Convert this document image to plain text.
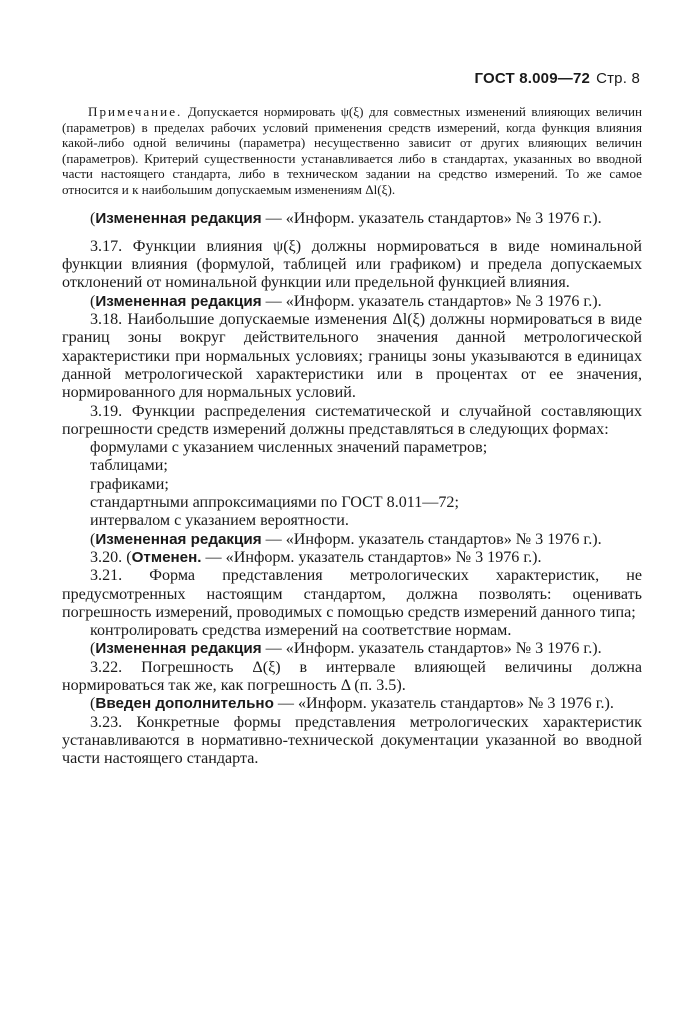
ГОСТ 8.009—72 Стр. 8

Примечание. Допускается нормировать ψ(ξ) для совместных изменений влияющих величин (параметров) в пределах рабочих условий применения средств измерений, когда функция влияния какой-либо одной величины (параметра) несущественно зависит от других влияющих величин (параметров). Критерий существенности устанавливается либо в стандартах, указанных во вводной части настоящего стандарта, либо в техническом задании на средство измерений. То же самое относится и к наибольшим допускаемым изменениям Δl(ξ).

(Измененная редакция — «Информ. указатель стандартов» № 3 1976 г.).

3.17. Функции влияния ψ(ξ) должны нормироваться в виде номинальной функции влияния (формулой, таблицей или графиком) и предела допускаемых отклонений от номинальной функции или предельной функцией влияния.

(Измененная редакция — «Информ. указатель стандартов» № 3 1976 г.).

3.18. Наибольшие допускаемые изменения Δl(ξ) должны нормироваться в виде границ зоны вокруг действительного значения данной метрологической характеристики при нормальных условиях; границы зоны указываются в единицах данной метрологической характеристики или в процентах от ее значения, нормированного для нормальных условий.

3.19. Функции распределения систематической и случайной составляющих погрешности средств измерений должны представляться в следующих формах:

формулами с указанием численных значений параметров;

таблицами;

графиками;

стандартными аппроксимациями по ГОСТ 8.011—72;

интервалом с указанием вероятности.

(Измененная редакция — «Информ. указатель стандартов» № 3 1976 г.).

3.20. (Отменен. — «Информ. указатель стандартов» № 3 1976 г.).

3.21. Форма представления метрологических характеристик, не предусмотренных настоящим стандартом, должна позволять: оценивать погрешность измерений, проводимых с помощью средств измерений данного типа;

контролировать средства измерений на соответствие нормам.

(Измененная редакция — «Информ. указатель стандартов» № 3 1976 г.).

3.22. Погрешность Δ(ξ) в интервале влияющей величины должна нормироваться так же, как погрешность Δ (п. 3.5).

(Введен дополнительно — «Информ. указатель стандартов» № 3 1976 г.).

3.23. Конкретные формы представления метрологических характеристик устанавливаются в нормативно-технической документации указанной во вводной части настоящего стандарта.
